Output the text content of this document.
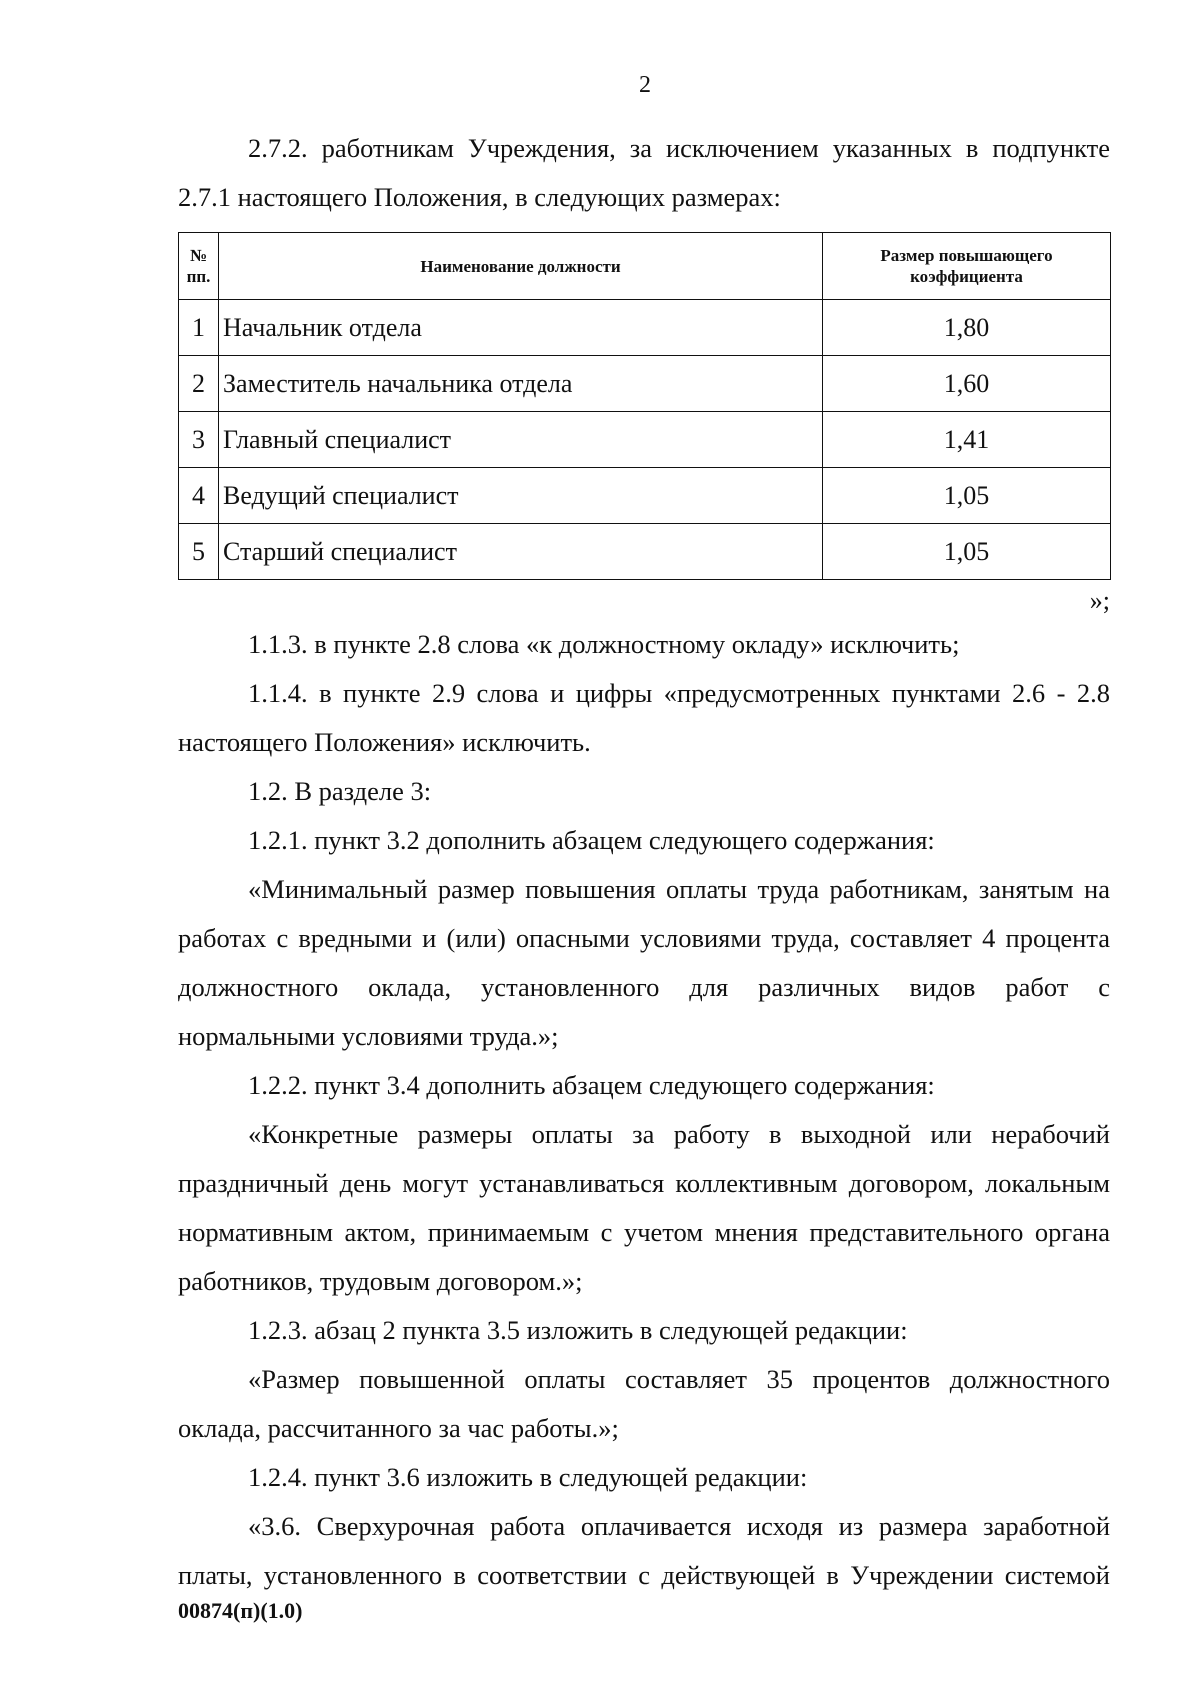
2

2.7.2. работникам Учреждения, за исключением указанных в подпункте 2.7.1 настоящего Положения, в следующих размерах:

№ пп.	Наименование должности	Размер повышающего коэффициента
1	Начальник отдела	1,80
2	Заместитель начальника отдела	1,60
3	Главный специалист	1,41
4	Ведущий специалист	1,05
5	Старший специалист	1,05
»;

1.1.3. в пункте 2.8 слова «к должностному окладу» исключить;

1.1.4. в пункте 2.9 слова и цифры «предусмотренных пунктами 2.6 - 2.8 настоящего Положения» исключить.

1.2. В разделе 3:

1.2.1. пункт 3.2 дополнить абзацем следующего содержания:

«Минимальный размер повышения оплаты труда работникам, занятым на работах с вредными и (или) опасными условиями труда, составляет 4 процента должностного оклада, установленного для различных видов работ с нормальными условиями труда.»;

1.2.2. пункт 3.4 дополнить абзацем следующего содержания:

«Конкретные размеры оплаты за работу в выходной или нерабочий праздничный день могут устанавливаться коллективным договором, локальным нормативным актом, принимаемым с учетом мнения представительного органа работников, трудовым договором.»;

1.2.3. абзац 2 пункта 3.5 изложить в следующей редакции:

«Размер повышенной оплаты составляет 35 процентов должностного оклада, рассчитанного за час работы.»;

1.2.4. пункт 3.6 изложить в следующей редакции:

«3.6. Сверхурочная работа оплачивается исходя из размера заработной платы, установленного в соответствии с действующей в Учреждении системой

00874(п)(1.0)
